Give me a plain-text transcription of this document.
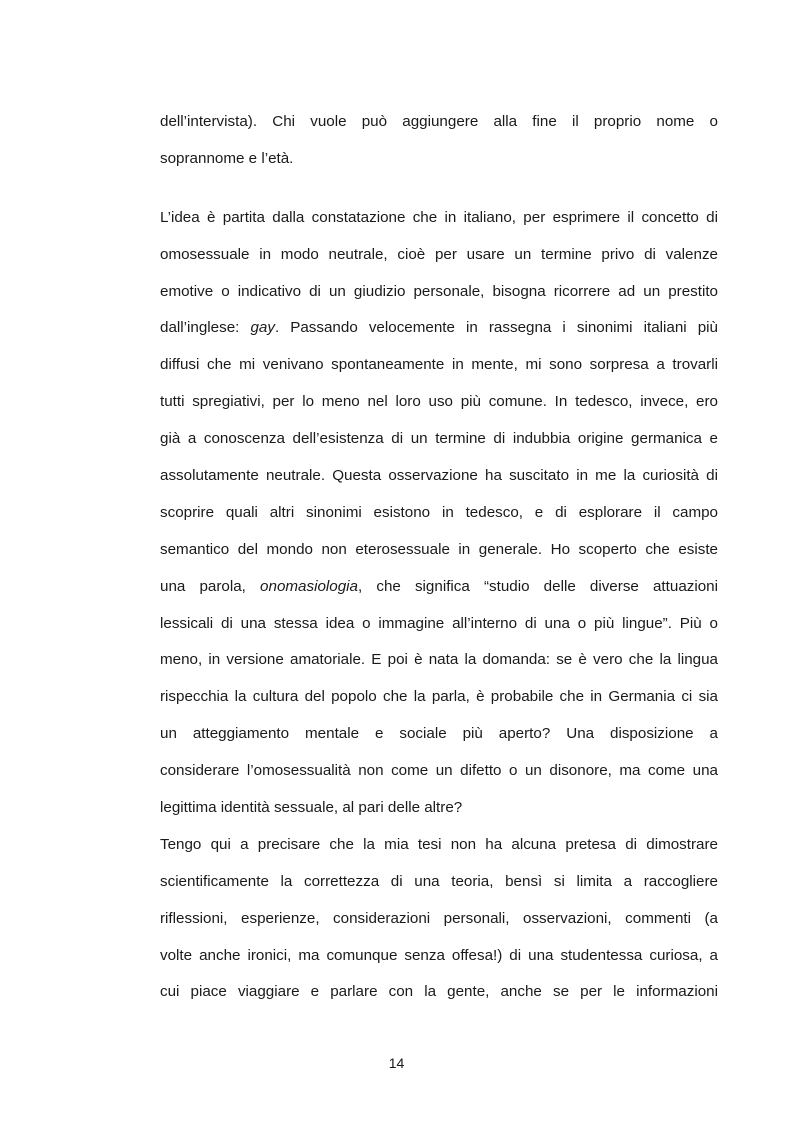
dell’intervista). Chi vuole può aggiungere alla fine il proprio nome o
soprannome e l’età.

L’idea è partita dalla constatazione che in italiano, per esprimere il concetto di
omosessuale in modo neutrale, cioè per usare un termine privo di valenze
emotive o indicativo di un giudizio personale, bisogna ricorrere ad un prestito
dall’inglese: gay. Passando velocemente in rassegna i sinonimi italiani più
diffusi che mi venivano spontaneamente in mente, mi sono sorpresa a trovarli
tutti spregiativi, per lo meno nel loro uso più comune. In tedesco, invece, ero
già a conoscenza dell’esistenza di un termine di indubbia origine germanica e
assolutamente neutrale. Questa osservazione ha suscitato in me la curiosità di
scoprire quali altri sinonimi esistono in tedesco, e di esplorare il campo
semantico del mondo non eterosessuale in generale. Ho scoperto che esiste
una parola, onomasiologia, che significa “studio delle diverse attuazioni
lessicali di una stessa idea o immagine all’interno di una o più lingue”. Più o
meno, in versione amatoriale. E poi è nata la domanda: se è vero che la lingua
rispecchia la cultura del popolo che la parla, è probabile che in Germania ci sia
un atteggiamento mentale e sociale più aperto? Una disposizione a
considerare l’omosessualità non come un difetto o un disonore, ma come una
legittima identità sessuale, al pari delle altre?

Tengo qui a precisare che la mia tesi non ha alcuna pretesa di dimostrare
scientificamente la correttezza di una teoria, bensì si limita a raccogliere
riflessioni, esperienze, considerazioni personali, osservazioni, commenti (a
volte anche ironici, ma comunque senza offesa!) di una studentessa curiosa, a
cui piace viaggiare e parlare con la gente, anche se per le informazioni

14
